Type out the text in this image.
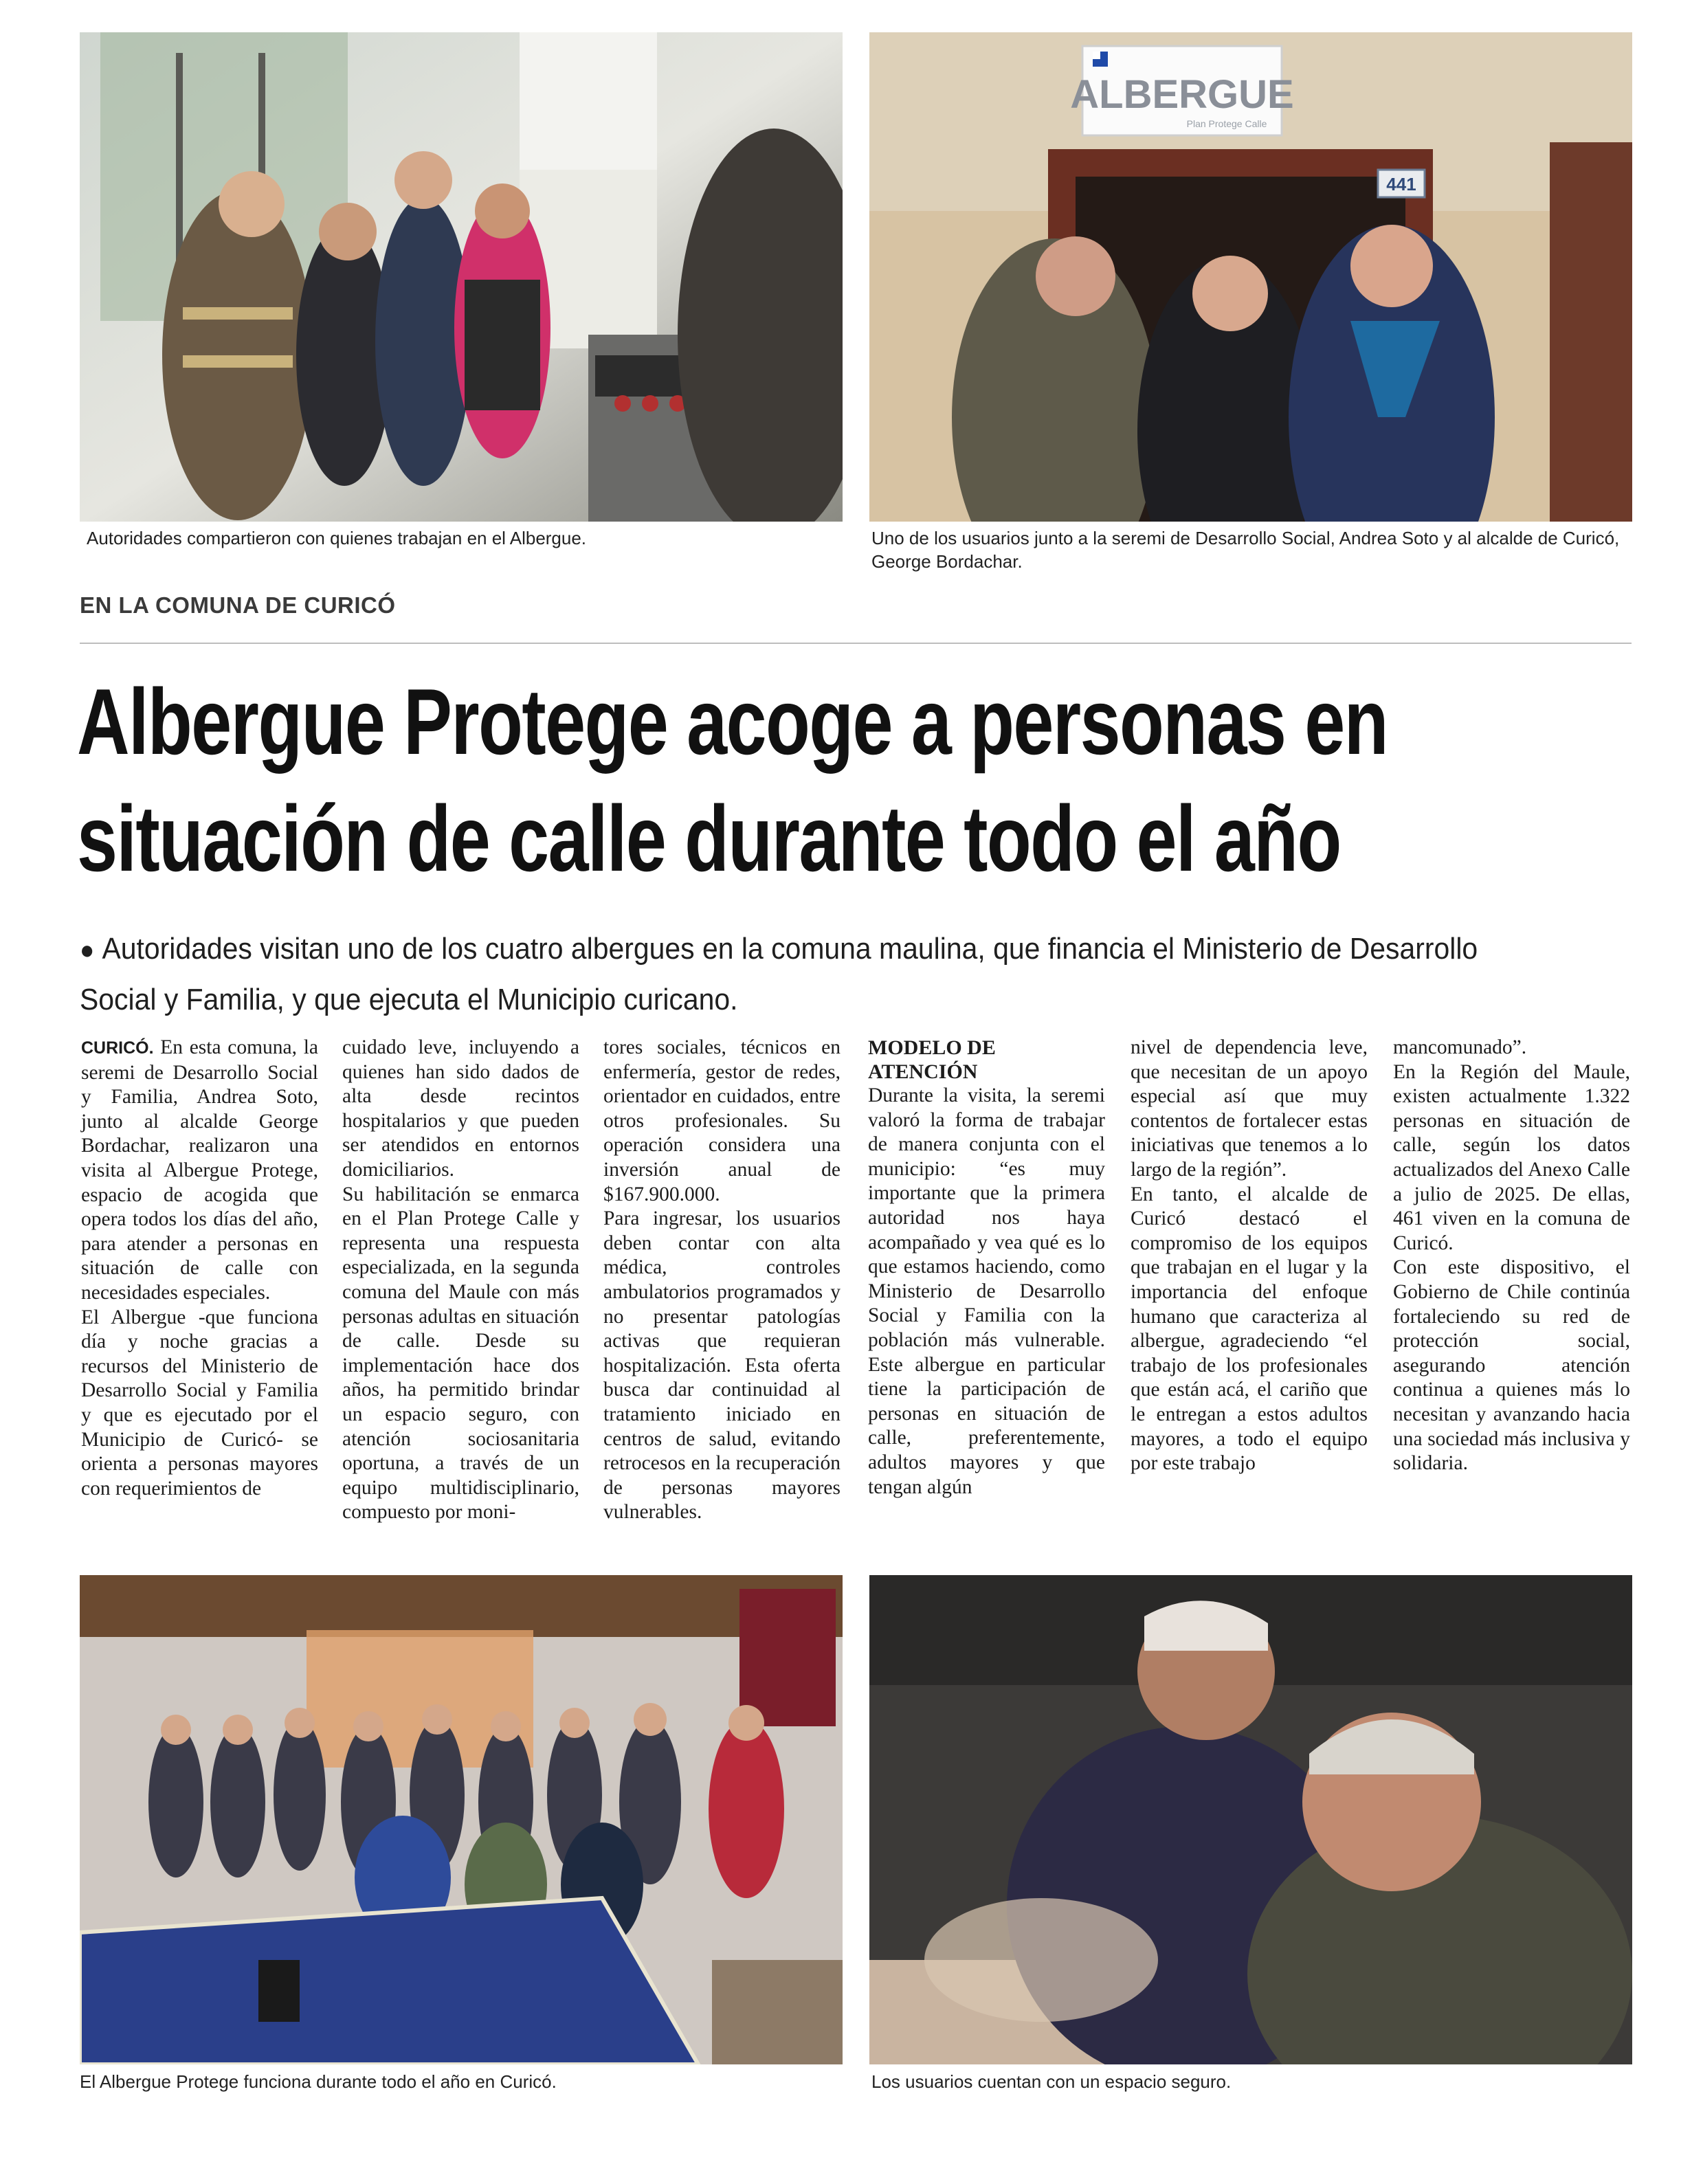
Autoridades compartieron con quienes trabajan en el Albergue.
ALBERGUE
Plan Protege Calle
441
Uno de los usuarios junto a la seremi de Desarrollo Social, Andrea Soto y al alcalde de Curicó, George Bordachar.
EN LA COMUNA DE CURICÓ
Albergue Protege acoge a personas en
situación de calle durante todo el año
● Autoridades visitan uno de los cuatro albergues en la comuna maulina, que financia el Ministerio de Desarrollo Social y Familia, y que ejecuta el Municipio curicano.

CURICÓ. En esta comuna, la seremi de Desarrollo Social y Familia, Andrea Soto, junto al alcalde George Bordachar, realizaron una visita al Albergue Protege, espacio de acogida que opera todos los días del año, para atender a personas en situación de calle con necesidades especiales.

El Albergue -que funciona día y noche gracias a recursos del Ministerio de Desarrollo Social y Familia y que es ejecutado por el Municipio de Curicó- se orienta a personas mayores con requerimientos de

cuidado leve, incluyendo a quienes han sido dados de alta desde recintos hospitalarios y que pueden ser atendidos en entornos domiciliarios.

Su habilitación se enmarca en el Plan Protege Calle y representa una respuesta especializada, en la segunda comuna del Maule con más personas adultas en situación de calle. Desde su implementación hace dos años, ha permitido brindar un espacio seguro, con atención sociosanitaria oportuna, a través de un equipo multidisciplinario, compuesto por moni-

tores sociales, técnicos en enfermería, gestor de redes, orientador en cuidados, entre otros profesionales. Su operación considera una inversión anual de $167.900.000.

Para ingresar, los usuarios deben contar con alta médica, controles ambulatorios programados y no presentar patologías activas que requieran hospitalización. Esta oferta busca dar continuidad al tratamiento iniciado en centros de salud, evitando retrocesos en la recuperación de personas mayores vulnerables.

MODELO DE ATENCIÓN

Durante la visita, la seremi valoró la forma de trabajar de manera conjunta con el municipio: “es muy importante que la primera autoridad nos haya acompañado y vea qué es lo que estamos haciendo, como Ministerio de Desarrollo Social y Familia con la población más vulnerable. Este albergue en particular tiene la participación de personas en situación de calle, preferentemente, adultos mayores y que tengan algún

nivel de dependencia leve, que necesitan de un apoyo especial así que muy contentos de fortalecer estas iniciativas que tenemos a lo largo de la región”.

En tanto, el alcalde de Curicó destacó el compromiso de los equipos que trabajan en el lugar y la importancia del enfoque humano que caracteriza al albergue, agradeciendo “el trabajo de los profesionales que están acá, el cariño que le entregan a estos adultos mayores, a todo el equipo por este trabajo

mancomunado”.

En la Región del Maule, existen actualmente 1.322 personas en situación de calle, según los datos actualizados del Anexo Calle a julio de 2025. De ellas, 461 viven en la comuna de Curicó.

Con este dispositivo, el Gobierno de Chile continúa fortaleciendo su red de protección social, asegurando atención continua a quienes más lo necesitan y avanzando hacia una sociedad más inclusiva y solidaria.

El Albergue Protege funciona durante todo el año en Curicó.	Los usuarios cuentan con un espacio seguro.
